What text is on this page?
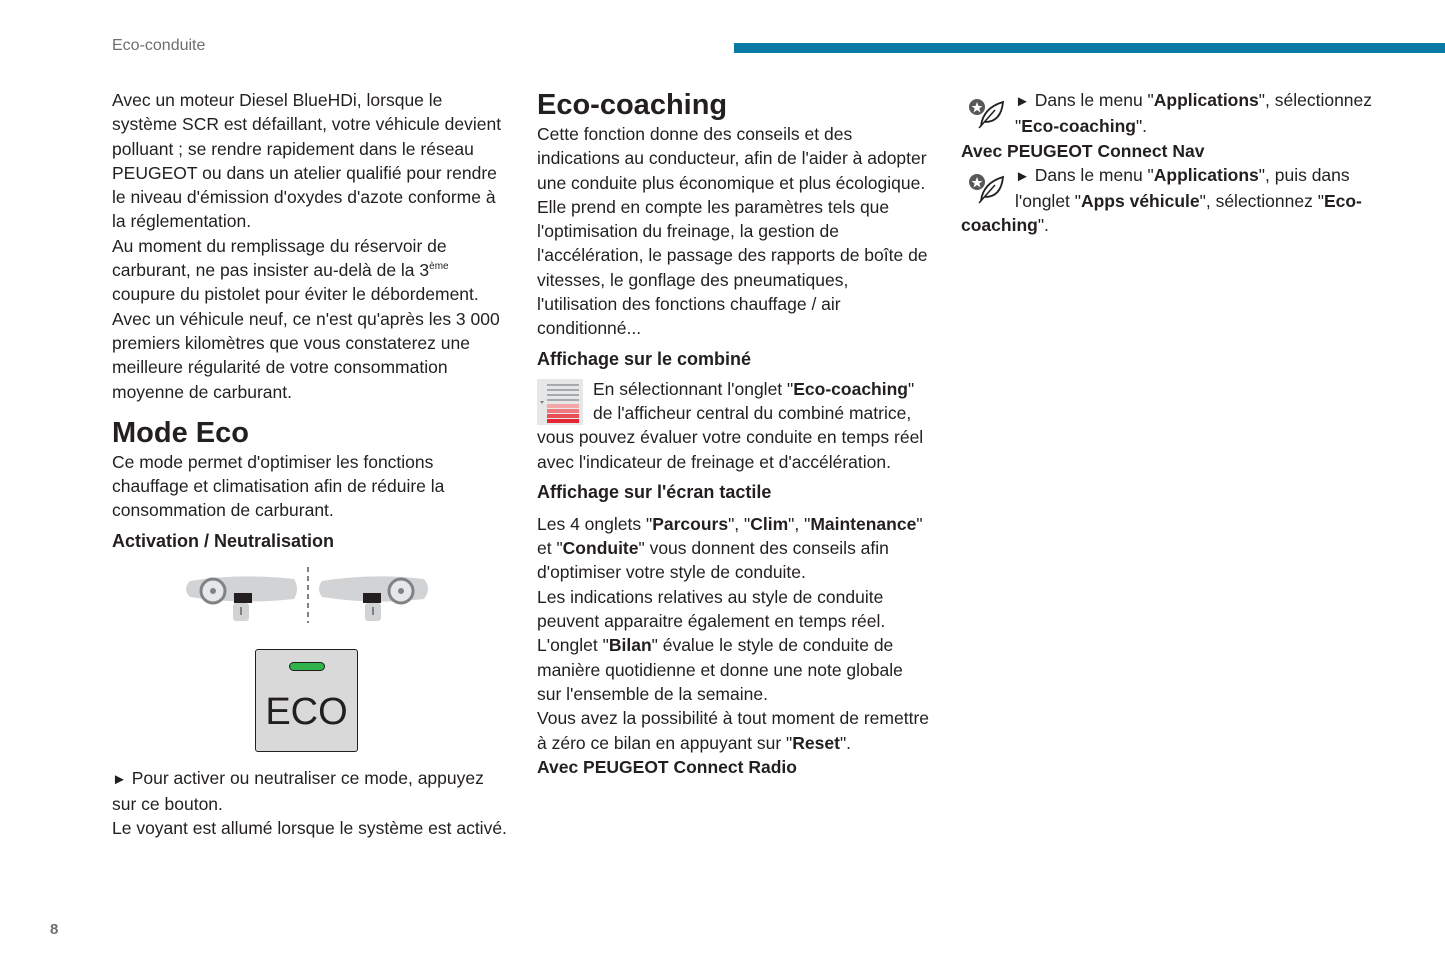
Eco-conduite

Avec un moteur Diesel BlueHDi, lorsque le système SCR est défaillant, votre véhicule devient polluant ; se rendre rapidement dans le réseau PEUGEOT ou dans un atelier qualifié pour rendre le niveau d'émission d'oxydes d'azote conforme à la réglementation.

Au moment du remplissage du réservoir de carburant, ne pas insister au-delà de la 3ème coupure du pistolet pour éviter le débordement.

Avec un véhicule neuf, ce n'est qu'après les 3 000 premiers kilomètres que vous constaterez une meilleure régularité de votre consommation moyenne de carburant.

Mode Eco

Ce mode permet d'optimiser les fonctions chauffage et climatisation afin de réduire la consommation de carburant.

Activation / Neutralisation

ECO

► Pour activer ou neutraliser ce mode, appuyez sur ce bouton.

Le voyant est allumé lorsque le système est activé.

Eco-coaching

Cette fonction donne des conseils et des indications au conducteur, afin de l'aider à adopter une conduite plus économique et plus écologique.

Elle prend en compte les paramètres tels que l'optimisation du freinage, la gestion de l'accélération, le passage des rapports de boîte de vitesses, le gonflage des pneumatiques, l'utilisation des fonctions chauffage / air conditionné...

Affichage sur le combiné

En sélectionnant l'onglet "Eco-coaching" de l'afficheur central du combiné matrice, vous pouvez évaluer votre conduite en temps réel avec l'indicateur de freinage et d'accélération.

Affichage sur l'écran tactile

Les 4 onglets "Parcours", "Clim", "Maintenance" et "Conduite" vous donnent des conseils afin d'optimiser votre style de conduite.

Les indications relatives au style de conduite peuvent apparaitre également en temps réel.

L'onglet "Bilan" évalue le style de conduite de manière quotidienne et donne une note globale sur l'ensemble de la semaine.

Vous avez la possibilité à tout moment de remettre à zéro ce bilan en appuyant sur "Reset".

Avec PEUGEOT Connect Radio

► Dans le menu "Applications", sélectionnez "Eco-coaching".

Avec PEUGEOT Connect Nav

► Dans le menu "Applications", puis dans l'onglet "Apps véhicule", sélectionnez "Eco-coaching".

8
